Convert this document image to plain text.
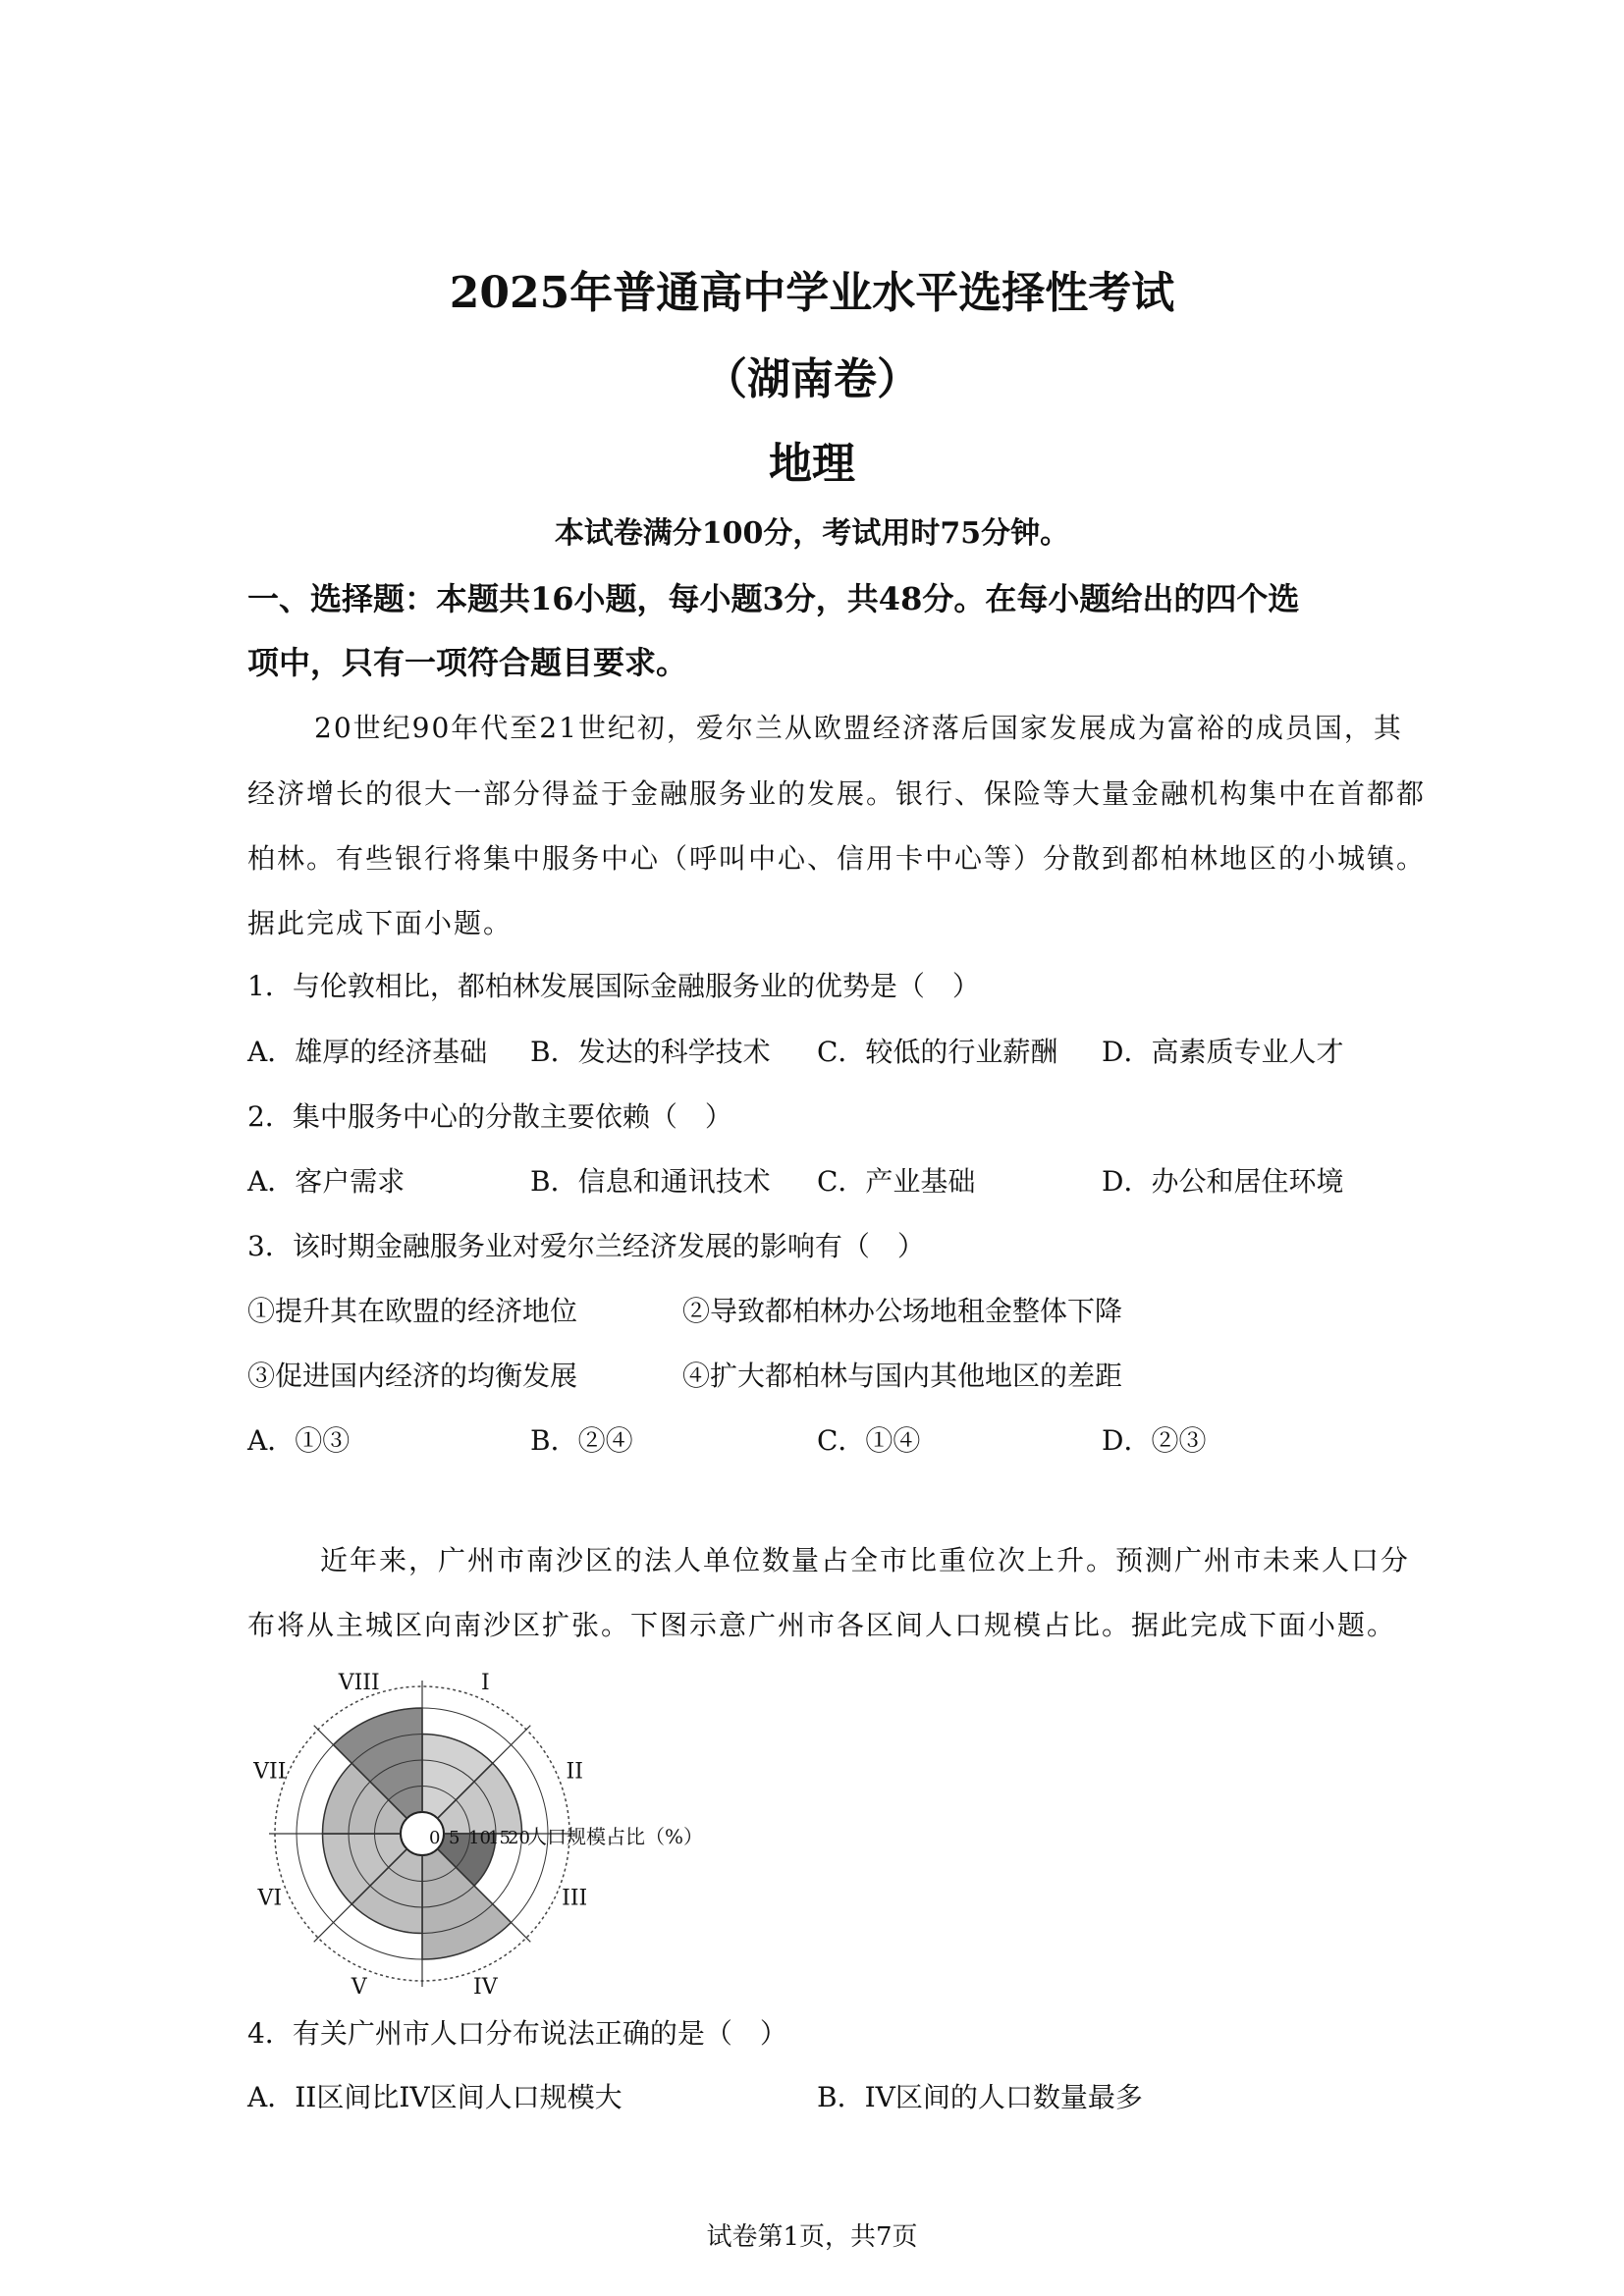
2025年普通高中学业水平选择性考试
（湖南卷）
地理
本试卷满分100分，考试用时75分钟。
一、选择题：本题共16小题，每小题3分，共48分。在每小题给出的四个选
项中，只有一项符合题目要求。
20世纪90年代至21世纪初，爱尔兰从欧盟经济落后国家发展成为富裕的成员国，其
经济增长的很大一部分得益于金融服务业的发展。银行、保险等大量金融机构集中在首都都
柏林。有些银行将集中服务中心（呼叫中心、信用卡中心等）分散到都柏林地区的小城镇。
据此完成下面小题。
1．与伦敦相比，都柏林发展国际金融服务业的优势是（　）
A．雄厚的经济基础 B．发达的科学技术 C．较低的行业薪酬 D．高素质专业人才
2．集中服务中心的分散主要依赖（　）
A．客户需求	B．信息和通讯技术 C．产业基础	D．办公和居住环境
3．该时期金融服务业对爱尔兰经济发展的影响有（　）
①提升其在欧盟的经济地位	②导致都柏林办公场地租金整体下降
③促进国内经济的均衡发展	④扩大都柏林与国内其他地区的差距
A．①③	B．②④	C．①④	D．②③
近年来，广州市南沙区的法人单位数量占全市比重位次上升。预测广州市未来人口分
布将从主城区向南沙区扩张。下图示意广州市各区间人口规模占比。据此完成下面小题。
I
II
III
IV
V
VI
VII
VIII
0 5 10
15
20
人口规模占比（%）
4．有关广州市人口分布说法正确的是（　）
A．II区间比IV区间人口规模大	B．IV区间的人口数量最多
试卷第1页，共7页
